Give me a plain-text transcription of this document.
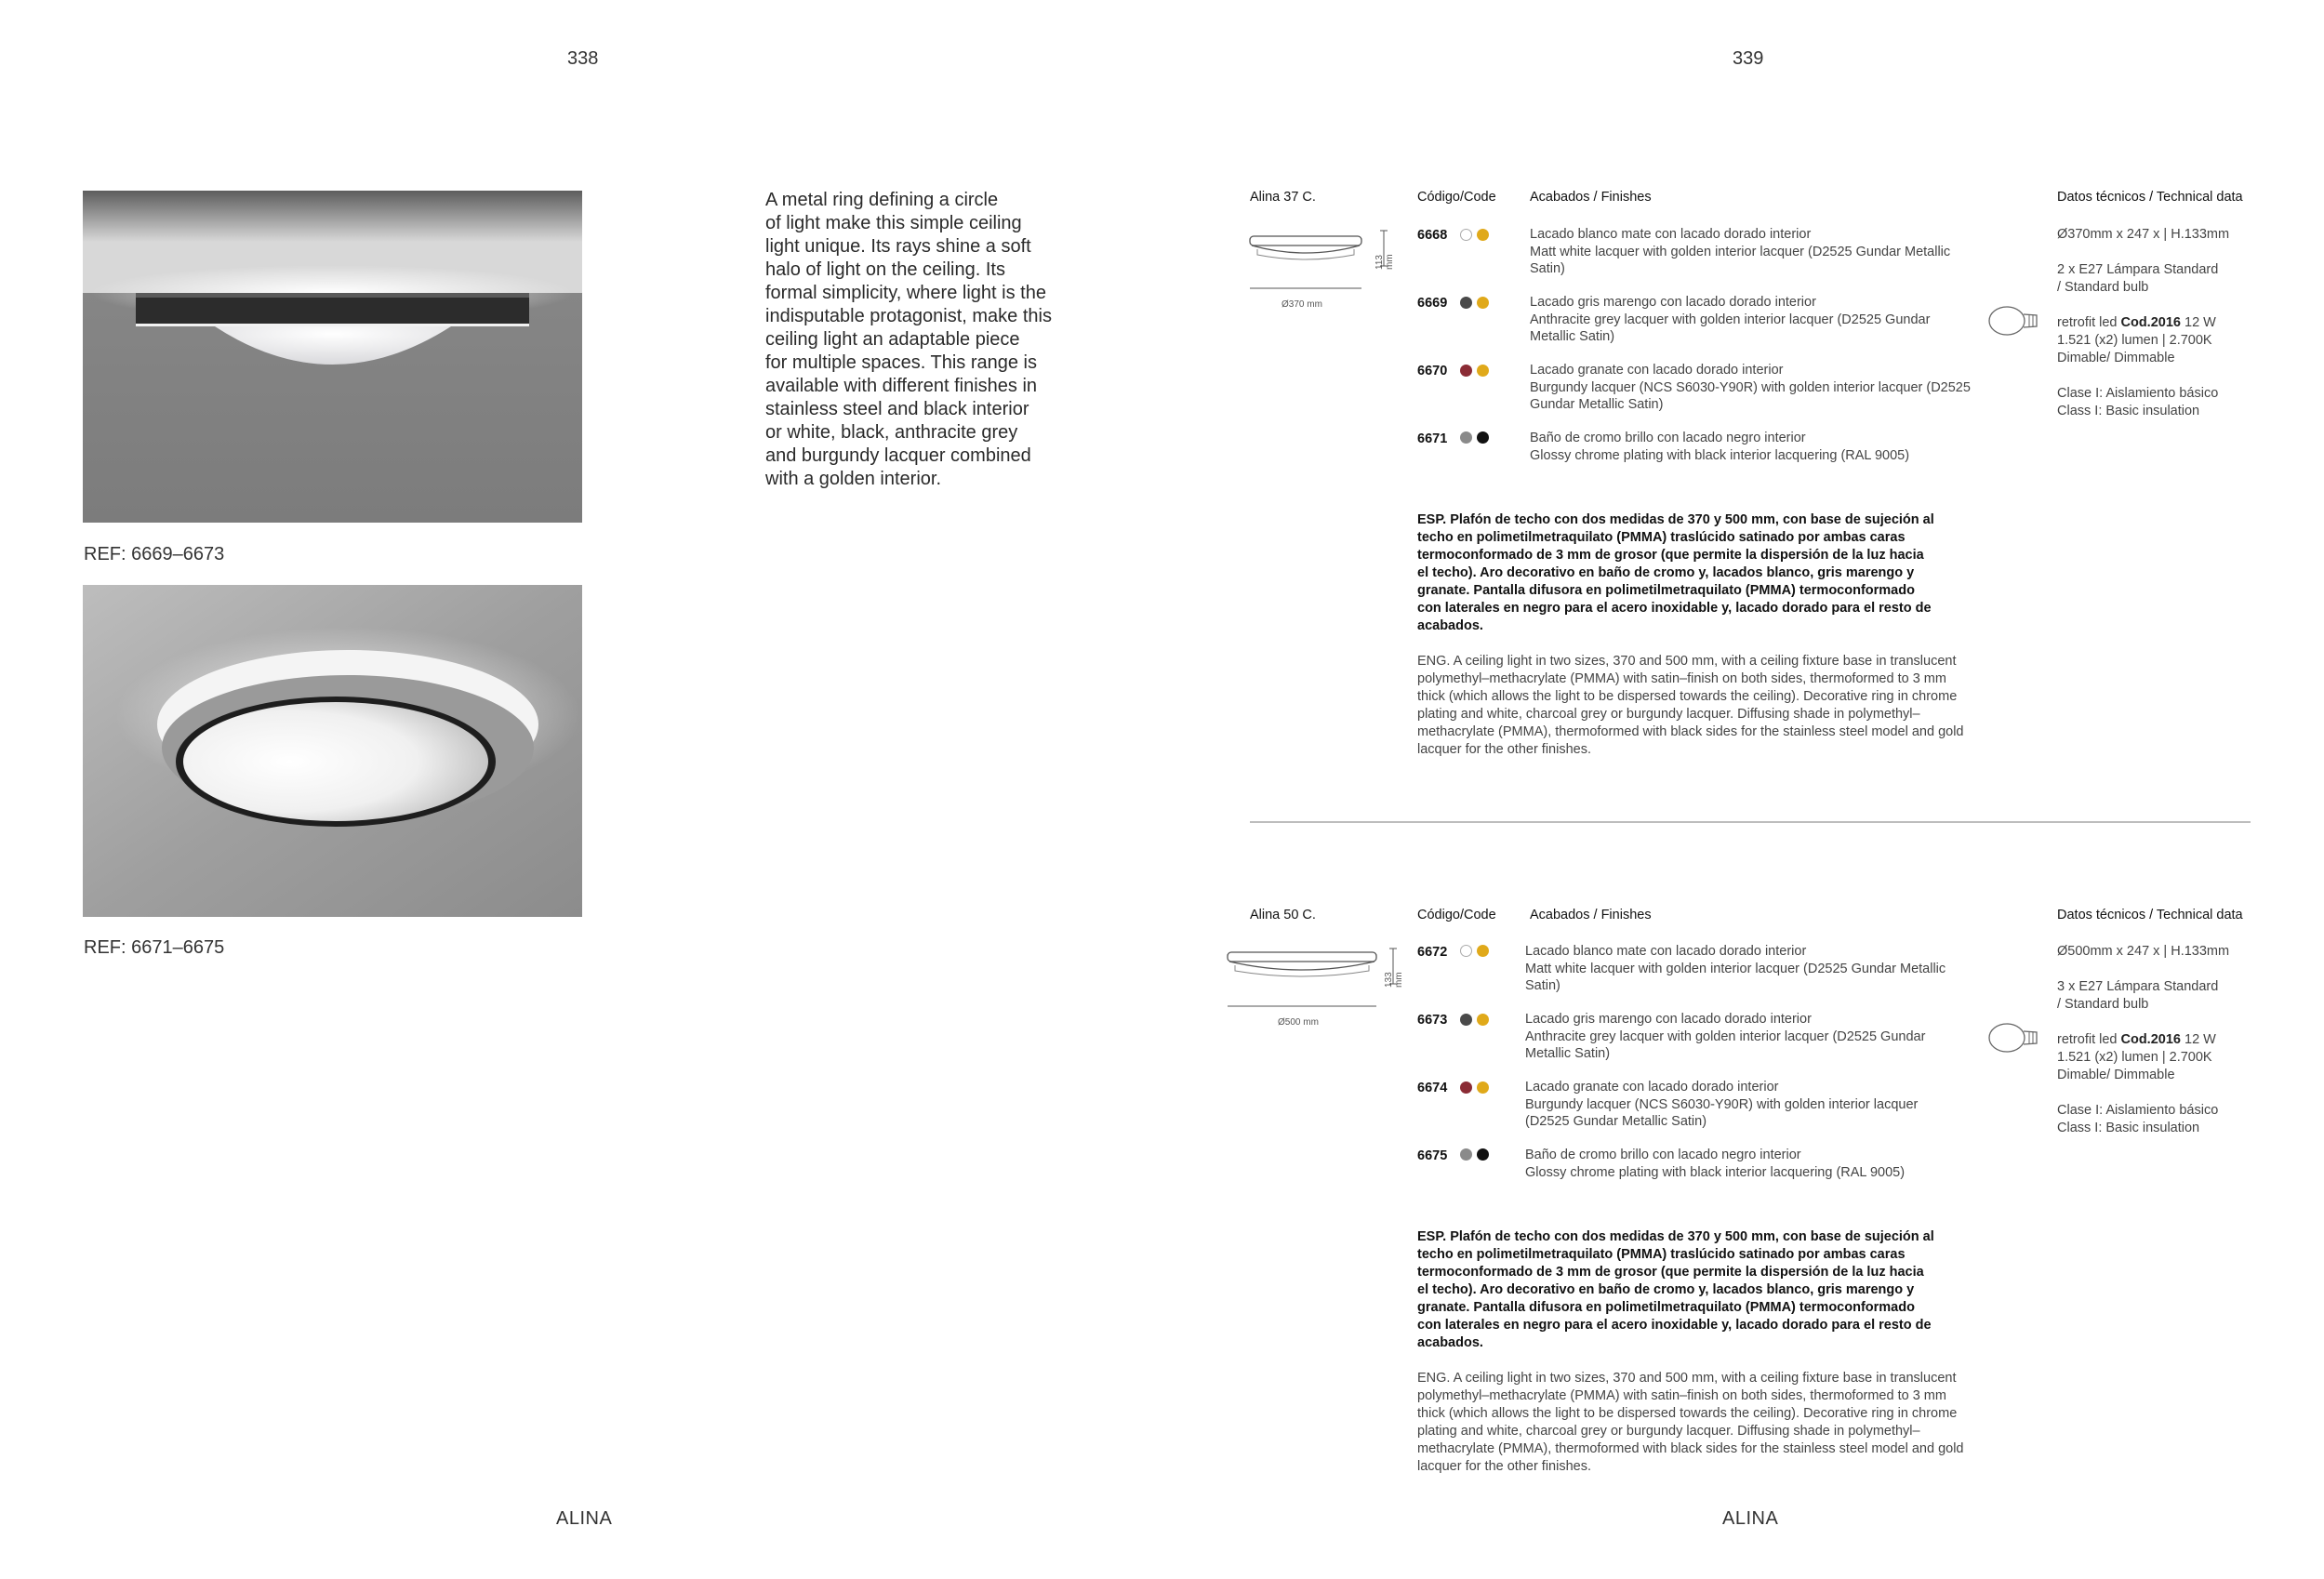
338
REF: 6669–6673
REF: 6671–6675
A metal ring defining a circle
of light make this simple ceiling
light unique. Its rays shine a soft
halo of light on the ceiling. Its
formal simplicity, where light is the
indisputable protagonist, make this
ceiling light an adaptable piece
for multiple spaces. This range is
available with different finishes in
stainless steel and black interior
or white, black, anthracite grey
and burgundy lacquer combined
with a golden interior.
ALINA
339
Alina 37 C.
113 mm
Ø370 mm
Código/Code	Acabados / Finishes	Datos técnicos / Technical data
6668	Lacado blanco mate con lacado dorado interior
Matt white lacquer with golden interior lacquer (D2525 Gundar Metallic Satin)
6669	Lacado gris marengo con lacado dorado interior
Anthracite grey lacquer with golden interior lacquer (D2525 Gundar Metallic Satin)
6670	Lacado granate con lacado dorado interior
Burgundy lacquer (NCS S6030-Y90R) with golden interior lacquer (D2525 Gundar Metallic Satin)
6671	Baño de cromo brillo con lacado negro interior
Glossy chrome plating with black interior lacquering (RAL 9005)
Ø370mm x 247 x | H.133mm
2 x E27 Lámpara Standard
/ Standard bulb
retrofit led Cod.2016 12 W
1.521 (x2) lumen | 2.700K
Dimable/ Dimmable
Clase I: Aislamiento básico
Class I: Basic insulation
ESP. Plafón de techo con dos medidas de 370 y 500 mm, con base de sujeción al techo en polimetilmetraquilato (PMMA) traslúcido satinado por ambas caras termoconformado de 3 mm de grosor (que permite la dispersión de la luz hacia el techo). Aro decorativo en baño de cromo y, lacados blanco, gris marengo y granate. Pantalla difusora en polimetilmetraquilato (PMMA) termoconformado con laterales en negro para el acero inoxidable y, lacado dorado para el resto de acabados.
ENG. A ceiling light in two sizes, 370 and 500 mm, with a ceiling fixture base in translucent polymethyl–methacrylate (PMMA) with satin–finish on both sides, thermoformed to 3 mm thick (which allows the light to be dispersed towards the ceiling). Decorative ring in chrome plating and white, charcoal grey or burgundy lacquer. Diffusing shade in polymethyl–methacrylate (PMMA), thermoformed with black sides for the stainless steel model and gold lacquer for the other finishes.
Alina 50 C.
133 mm
Ø500 mm
Código/Code	Acabados / Finishes	Datos técnicos / Technical data
6672	Lacado blanco mate con lacado dorado interior
Matt white lacquer with golden interior lacquer (D2525 Gundar Metallic Satin)
6673	Lacado gris marengo con lacado dorado interior
Anthracite grey lacquer with golden interior lacquer (D2525 Gundar Metallic Satin)
6674	Lacado granate con lacado dorado interior
Burgundy lacquer (NCS S6030-Y90R) with golden interior lacquer (D2525 Gundar Metallic Satin)
6675	Baño de cromo brillo con lacado negro interior
Glossy chrome plating with black interior lacquering (RAL 9005)
Ø500mm x 247 x | H.133mm
3 x E27 Lámpara Standard
/ Standard bulb
retrofit led Cod.2016 12 W
1.521 (x2) lumen | 2.700K
Dimable/ Dimmable
Clase I: Aislamiento básico
Class I: Basic insulation
ESP. Plafón de techo con dos medidas de 370 y 500 mm, con base de sujeción al techo en polimetilmetraquilato (PMMA) traslúcido satinado por ambas caras termoconformado de 3 mm de grosor (que permite la dispersión de la luz hacia el techo). Aro decorativo en baño de cromo y, lacados blanco, gris marengo y granate. Pantalla difusora en polimetilmetraquilato (PMMA) termoconformado con laterales en negro para el acero inoxidable y, lacado dorado para el resto de acabados.
ENG. A ceiling light in two sizes, 370 and 500 mm, with a ceiling fixture base in translucent polymethyl–methacrylate (PMMA) with satin–finish on both sides, thermoformed to 3 mm thick (which allows the light to be dispersed towards the ceiling). Decorative ring in chrome plating and white, charcoal grey or burgundy lacquer. Diffusing shade in polymethyl–methacrylate (PMMA), thermoformed with black sides for the stainless steel model and gold lacquer for the other finishes.
ALINA
